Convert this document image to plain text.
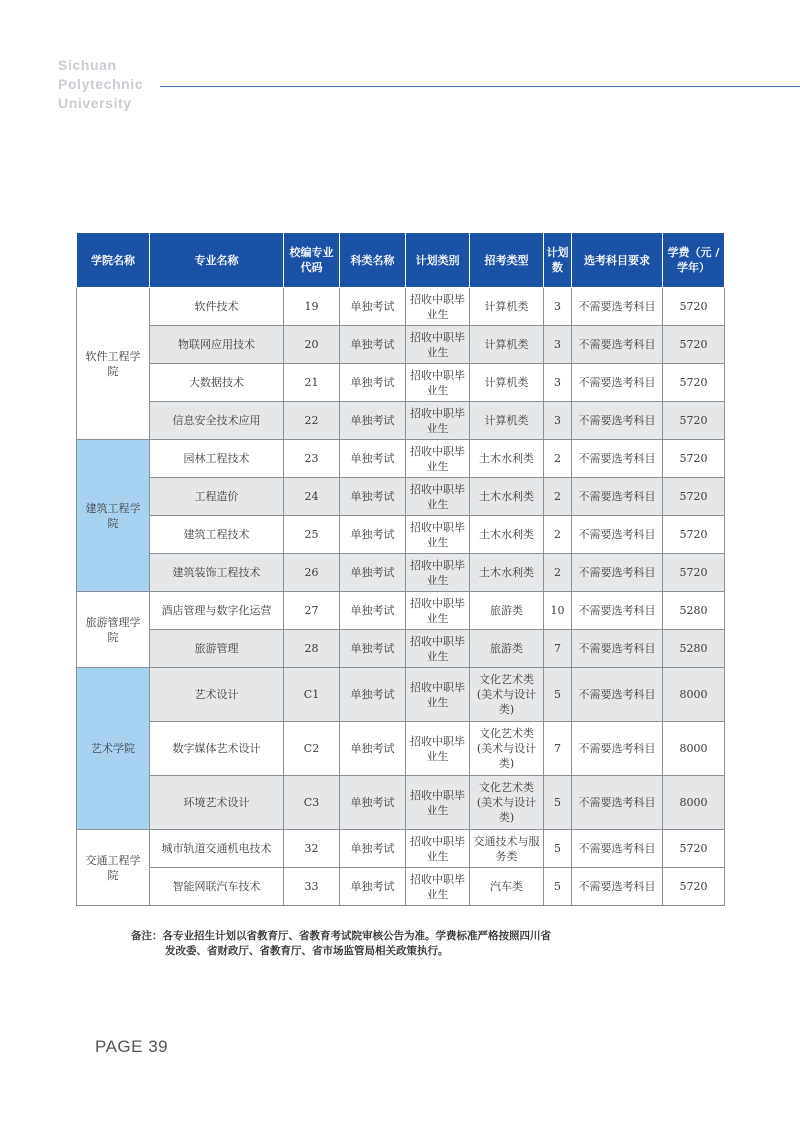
Sichuan
Polytechnic
University
学院名称	专业名称	校编专业代码	科类名称	计划类别	招考类型	计划数	选考科目要求	学费（元 / 学年）
软件工程学院	软件技术	19	单独考试	招收中职毕业生	计算机类	3	不需要选考科目	5720
	物联网应用技术	20	单独考试	招收中职毕业生	计算机类	3	不需要选考科目	5720
	大数据技术	21	单独考试	招收中职毕业生	计算机类	3	不需要选考科目	5720
	信息安全技术应用	22	单独考试	招收中职毕业生	计算机类	3	不需要选考科目	5720
建筑工程学院	园林工程技术	23	单独考试	招收中职毕业生	土木水利类	2	不需要选考科目	5720
	工程造价	24	单独考试	招收中职毕业生	土木水利类	2	不需要选考科目	5720
	建筑工程技术	25	单独考试	招收中职毕业生	土木水利类	2	不需要选考科目	5720
	建筑装饰工程技术	26	单独考试	招收中职毕业生	土木水利类	2	不需要选考科目	5720
旅游管理学院	酒店管理与数字化运营	27	单独考试	招收中职毕业生	旅游类	10	不需要选考科目	5280
	旅游管理	28	单独考试	招收中职毕业生	旅游类	7	不需要选考科目	5280
艺术学院	艺术设计	C1	单独考试	招收中职毕业生	文化艺术类(美术与设计类)	5	不需要选考科目	8000
	数字媒体艺术设计	C2	单独考试	招收中职毕业生	文化艺术类(美术与设计类)	7	不需要选考科目	8000
	环境艺术设计	C3	单独考试	招收中职毕业生	文化艺术类(美术与设计类)	5	不需要选考科目	8000
交通工程学院	城市轨道交通机电技术	32	单独考试	招收中职毕业生	交通技术与服务类	5	不需要选考科目	5720
	智能网联汽车技术	33	单独考试	招收中职毕业生	汽车类	5	不需要选考科目	5720
备注：各专业招生计划以省教育厅、省教育考试院审核公告为准。学费标准严格按照四川省
发改委、省财政厅、省教育厅、省市场监管局相关政策执行。
PAGE 39
